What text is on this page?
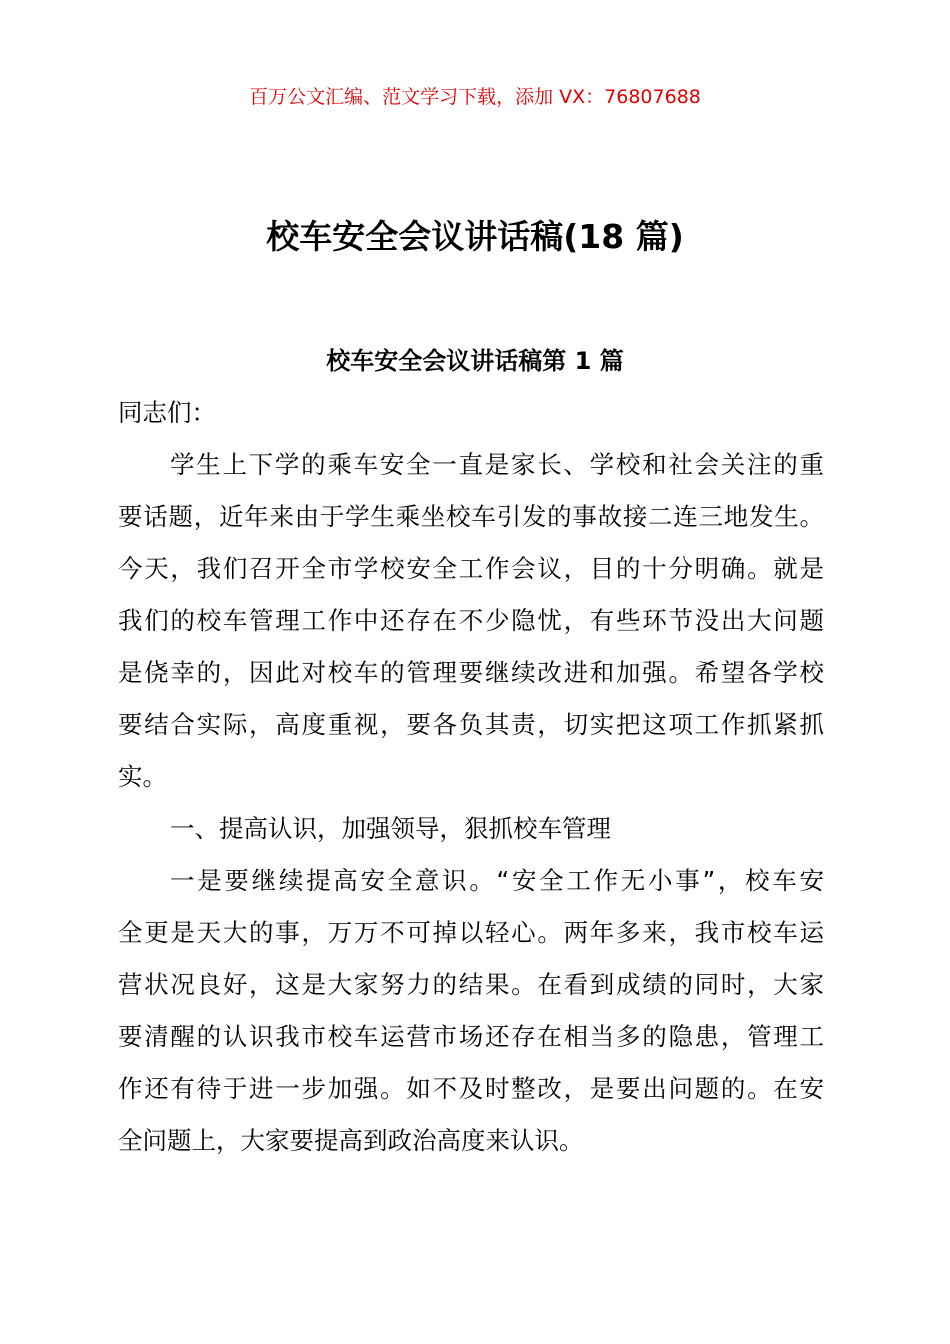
百万公文汇编、范文学习下载，添加 VX：76807688
校车安全会议讲话稿(18 篇)
校车安全会议讲话稿第 1 篇
同志们：
学生上下学的乘车安全一直是家长、学校和社会关注的重
要话题，近年来由于学生乘坐校车引发的事故接二连三地发生。
今天，我们召开全市学校安全工作会议，目的十分明确。就是
我们的校车管理工作中还存在不少隐忧，有些环节没出大问题
是侥幸的，因此对校车的管理要继续改进和加强。希望各学校
要结合实际，高度重视，要各负其责，切实把这项工作抓紧抓
实。
一、提高认识，加强领导，狠抓校车管理
一是要继续提高安全意识。“安全工作无小事”，校车安
全更是天大的事，万万不可掉以轻心。两年多来，我市校车运
营状况良好，这是大家努力的结果。在看到成绩的同时，大家
要清醒的认识我市校车运营市场还存在相当多的隐患，管理工
作还有待于进一步加强。如不及时整改，是要出问题的。在安
全问题上，大家要提高到政治高度来认识。
